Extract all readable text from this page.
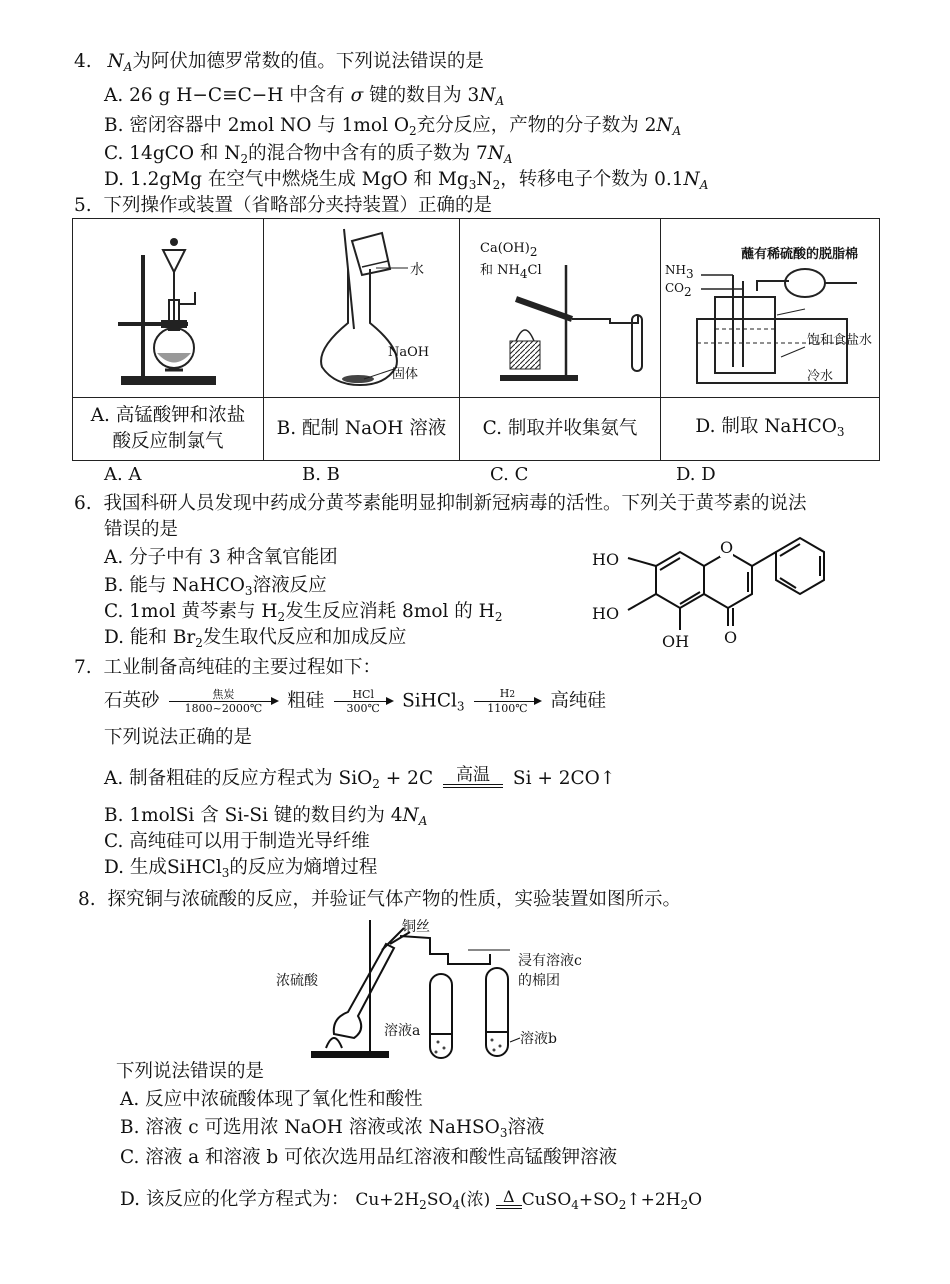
4. $N_A$为阿伏加德罗常数的值。下列说法错误的是
A. 26 g H−C≡C−H 中含有 σ 键的数目为 $3N_A$
B. 密闭容器中 2mol NO 与 1mol $O_2$充分反应，产物的分子数为 $2N_A$
C. 14gCO 和 $N_2$的混合物中含有的质子数为 $7N_A$
D. 1.2gMg 在空气中燃烧生成 MgO 和 $Mg_3N_2$，转移电子个数为 $0.1N_A$
5. 下列操作或装置（省略部分夹持装置）正确的是

水
NaOH
固体	Ca(OH)2
和 NH4Cl	蘸有稀硫酸的脱脂棉
NH3
CO2
饱和食盐水
冷水

A. 高锰酸钾和浓盐
酸反应制氯气	B. 配制 NaOH 溶液	C. 制取并收集氨气	D. 制取 NaHCO$_3$
A. A	B. B	C. C	D. D
6. 我国科研人员发现中药成分黄芩素能明显抑制新冠病毒的活性。下列关于黄芩素的说法
错误的是
A. 分子中有 3 种含氧官能团
B. 能与 NaHCO$_3$溶液反应
C. 1mol 黄芩素与 $H_2$发生反应消耗 8mol 的 $H_2$
D. 能和 $Br_2$发生取代反应和加成反应
HO
HO
OH
O
O
7. 工业制备高纯硅的主要过程如下：
石英砂	焦炭
1800~2000℃	粗硅	HCl
300℃	SiHCl$_3$ $\frac{H2}{1100℃}$ 高纯硅
下列说法正确的是
A. 制备粗硅的反应方程式为 SiO$_2$ + 2C	高温	Si + 2CO↑
B. 1molSi 含 Si-Si 键的数目约为 $4N_A$
C. 高纯硅可以用于制造光导纤维
D. 生成SiHCl$_3$的反应为熵增过程
8. 探究铜与浓硫酸的反应，并验证气体产物的性质，实验装置如图所示。
铜丝
浓硫酸
浸有溶液c
的棉团
溶液a	溶液b
下列说法错误的是
A. 反应中浓硫酸体现了氧化性和酸性
B. 溶液 c 可选用浓 NaOH 溶液或浓 NaHSO$_3$溶液
C. 溶液 a 和溶液 b 可依次选用品红溶液和酸性高锰酸钾溶液
D. 该反应的化学方程式为： $Cu+2H_2SO_4$(浓) Δ $CuSO_4+SO_2↑+2H_2O$
